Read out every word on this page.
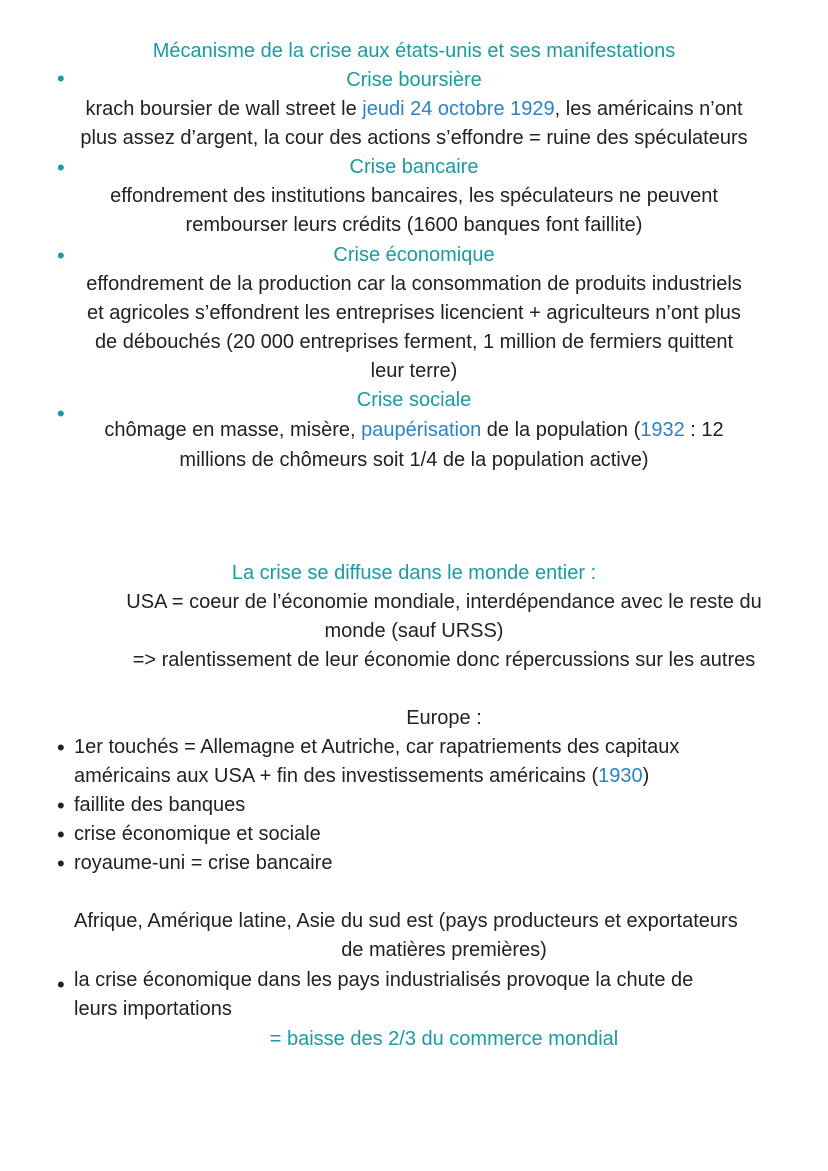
Mécanisme de la crise aux états-unis et ses manifestations
•	Crise boursière
krach boursier de wall street le jeudi 24 octobre 1929, les américains n’ont
plus assez d’argent, la cour des actions s’effondre = ruine des spéculateurs
•	Crise bancaire
effondrement des institutions bancaires, les spéculateurs ne peuvent
rembourser leurs crédits (1600 banques font faillite)
•	Crise économique
effondrement de la production car la consommation de produits industriels
et agricoles s’effondrent les entreprises licencient + agriculteurs n’ont plus
de débouchés (20 000 entreprises ferment, 1 million de fermiers quittent
leur terre)
•
Crise sociale
chômage en masse, misère, paupérisation de la population (1932 : 12
millions de chômeurs soit 1/4 de la population active)
La crise se diffuse dans le monde entier :
USA = coeur de l’économie mondiale, interdépendance avec le reste du
monde (sauf URSS)
=> ralentissement de leur économie donc répercussions sur les autres
Europe :
• 1er touchés = Allemagne et Autriche, car rapatriements des capitaux
américains aux USA + fin des investissements américains (1930)
• faillite des banques
• crise économique et sociale
• royaume-uni = crise bancaire
Afrique, Amérique latine, Asie du sud est (pays producteurs et exportateurs
de matières premières)
• la crise économique dans les pays industrialisés provoque la chute de
leurs importations
= baisse des 2/3 du commerce mondial
